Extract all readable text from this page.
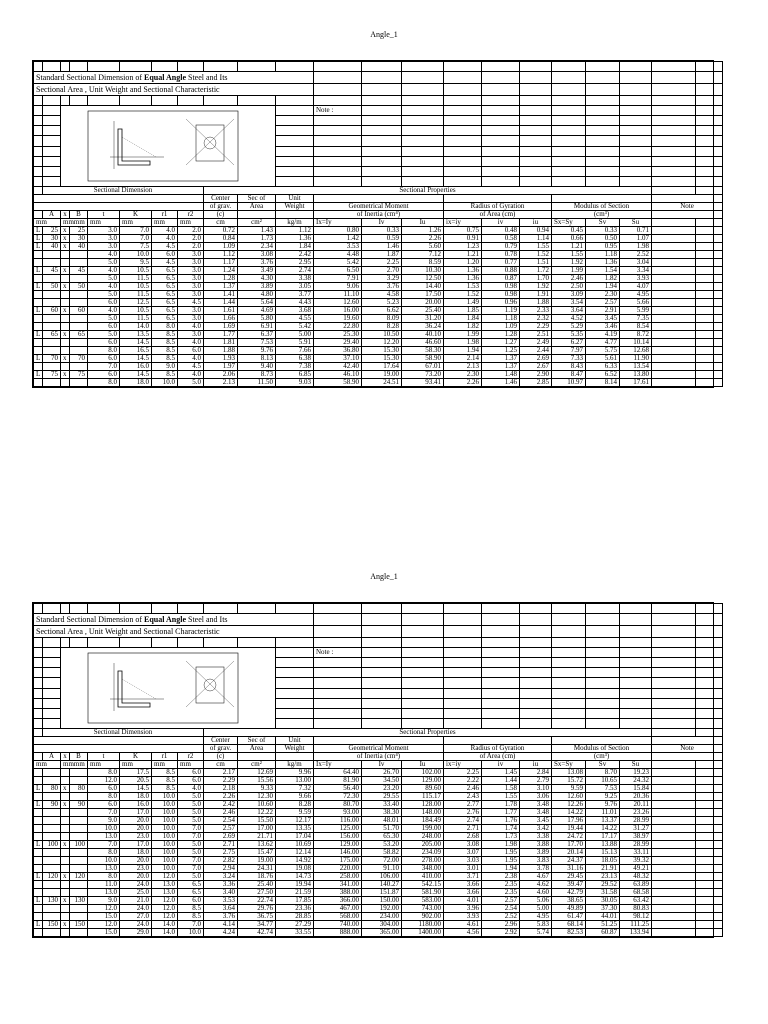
Angle_1

Standard Sectional Dimension of Equal Angle Steel and Its																					
Sectional Area , Unit Weight and Sectional Characteristic																					

		Note :										

	Sectional Dimension							Sectional Properties													
								Center	Sec of	Unit											
								of grav.	Area	Weight	Geometrical Moment			Radius of Gyration			Modulus of Section			Note	
	A	x	B	t	K	r1	r2	(c)			of Inertia (cm⁴)			of Area (cm)			(cm³)				
mm		mmmm		mm	mm	mm	mm	cm	cm²	kg/m	Ix=Iy	Iv	Iu	ix=iy	iv	iu	Sx=Sy	Sv	Su		
L	25	x	25	3.0	7.0	4.0	2.0	0.72	1.43	1.12	0.80	0.33	1.26	0.75	0.48	0.94	0.45	0.33	0.71		
L	30	x	30	3.0	7.0	4.0	2.0	0.84	1.73	1.36	1.42	0.59	2.26	0.91	0.58	1.14	0.66	0.50	1.07		
L	40	x	40	3.0	7.5	4.5	2.0	1.09	2.34	1.84	3.53	1.46	5.60	1.23	0.79	1.55	1.21	0.95	1.98		
				4.0	10.0	6.0	3.0	1.12	3.08	2.42	4.48	1.87	7.12	1.21	0.78	1.52	1.55	1.18	2.52		
				5.0	9.5	4.5	3.0	1.17	3.76	2.95	5.42	2.25	8.59	1.20	0.77	1.51	1.92	1.36	3.04		
L	45	x	45	4.0	10.5	6.5	3.0	1.24	3.49	2.74	6.50	2.70	10.30	1.36	0.88	1.72	1.99	1.54	3.34		
				5.0	11.5	6.5	3.0	1.28	4.30	3.38	7.91	3.29	12.50	1.36	0.87	1.70	2.46	1.82	3.93		
L	50	x	50	4.0	10.5	6.5	3.0	1.37	3.89	3.05	9.06	3.76	14.40	1.53	0.98	1.92	2.50	1.94	4.07		
				5.0	11.5	6.5	3.0	1.41	4.80	3.77	11.10	4.58	17.50	1.52	0.98	1.91	3.09	2.30	4.95		
				6.0	12.5	6.5	4.5	1.44	5.64	4.43	12.60	5.23	20.00	1.49	0.96	1.88	3.54	2.57	5.66		
L	60	x	60	4.0	10.5	6.5	3.0	1.61	4.69	3.68	16.00	6.62	25.40	1.85	1.19	2.33	3.64	2.91	5.99		
				5.0	11.5	6.5	3.0	1.66	5.80	4.55	19.60	8.09	31.20	1.84	1.18	2.32	4.52	3.45	7.35		
				6.0	14.0	8.0	4.0	1.69	6.91	5.42	22.80	8.28	36.24	1.82	1.09	2.29	5.29	3.46	8.54		
L	65	x	65	5.0	13.5	8.5	3.0	1.77	6.37	5.00	25.30	10.50	40.10	1.99	1.28	2.51	5.35	4.19	8.72		
				6.0	14.5	8.5	4.0	1.81	7.53	5.91	29.40	12.20	46.60	1.98	1.27	2.49	6.27	4.77	10.14		
				8.0	16.5	8.5	6.0	1.88	9.76	7.66	36.80	15.30	58.30	1.94	1.25	2.44	7.97	5.75	12.68		
L	70	x	70	6.0	14.5	8.5	4.0	1.93	8.13	6.38	37.10	15.30	58.90	2.14	1.37	2.69	7.33	5.61	11.90		
				7.0	16.0	9.0	4.5	1.97	9.40	7.38	42.40	17.64	67.01	2.13	1.37	2.67	8.43	6.33	13.54		
L	75	x	75	6.0	14.5	8.5	4.0	2.06	8.73	6.85	46.10	19.00	73.20	2.30	1.48	2.90	8.47	6.52	13.80		
				8.0	18.0	10.0	5.0	2.13	11.50	9.03	58.90	24.51	93.41	2.26	1.46	2.85	10.97	8.14	17.61		
Angle_1

Standard Sectional Dimension of Equal Angle Steel and Its																					
Sectional Area , Unit Weight and Sectional Characteristic																					

		Note :										

	Sectional Dimension							Sectional Properties													
								Center	Sec of	Unit											
								of grav.	Area	Weight	Geometrical Moment			Radius of Gyration			Modulus of Section			Note	
	A	x	B	t	K	r1	r2	(c)			of Inertia (cm⁴)			of Area (cm)			(cm³)				
mm		mmmm		mm	mm	mm	mm	cm	cm²	kg/m	Ix=Iy	Iv	Iu	ix=iy	iv	iu	Sx=Sy	Sv	Su		
				8.0	17.5	8.5	6.0	2.17	12.69	9.96	64.40	26.70	102.00	2.25	1.45	2.84	13.08	8.70	19.23		
				12.0	20.5	8.5	6.0	2.29	15.56	13.00	81.90	34.50	129.00	2.22	1.44	2.79	15.72	10.65	24.32		
L	80	x	80	6.0	14.5	8.5	4.0	2.18	9.33	7.32	56.40	23.20	89.60	2.46	1.58	3.10	9.59	7.53	15.84		
				8.0	18.0	10.0	5.0	2.26	12.30	9.66	72.30	29.55	115.17	2.43	1.55	3.06	12.60	9.25	20.36		
L	90	x	90	6.0	16.0	10.0	5.0	2.42	10.60	8.28	80.70	33.40	128.00	2.77	1.78	3.48	12.26	9.76	20.11		
				7.0	17.0	10.0	5.0	2.46	12.22	9.59	93.00	38.30	148.00	2.76	1.77	3.48	14.22	11.01	23.26		
				9.0	20.0	10.0	5.0	2.54	15.50	12.17	116.00	48.01	184.49	2.74	1.76	3.45	17.96	13.37	28.99		
				10.0	20.0	10.0	7.0	2.57	17.00	13.35	125.00	51.70	199.00	2.71	1.74	3.42	19.44	14.22	31.27		
				13.0	23.0	10.0	7.0	2.69	21.71	17.04	156.00	65.30	248.00	2.68	1.73	3.38	24.72	17.17	38.97		
L	100	x	100	7.0	17.0	10.0	5.0	2.71	13.62	10.69	129.00	53.20	205.00	3.08	1.98	3.88	17.70	13.88	28.99		
				8.0	18.0	10.0	5.0	2.75	15.47	12.14	146.00	58.82	234.09	3.07	1.95	3.89	20.14	15.13	33.11		
				10.0	20.0	10.0	7.0	2.82	19.00	14.92	175.00	72.00	278.00	3.03	1.95	3.83	24.37	18.05	39.32		
				13.0	23.0	10.0	7.0	2.94	24.31	19.08	220.00	91.10	348.00	3.01	1.94	3.78	31.16	21.91	49.21		
L	120	x	120	8.0	20.0	12.0	5.0	3.24	18.76	14.73	258.00	106.00	410.00	3.71	2.38	4.67	29.45	23.13	48.32		
				11.0	24.0	13.0	6.5	3.36	25.40	19.94	341.00	140.27	542.15	3.66	2.35	4.62	39.47	29.52	63.89		
				13.0	25.0	13.0	6.5	3.40	27.50	21.59	388.00	151.87	581.90	3.66	2.35	4.60	42.79	31.58	68.58		
L	130	x	130	9.0	21.0	12.0	6.0	3.53	22.74	17.85	366.00	150.00	583.00	4.01	2.57	5.06	38.65	30.05	63.42		
				12.0	24.0	12.0	8.5	3.64	29.76	23.36	467.00	192.00	743.00	3.96	2.54	5.00	49.89	37.30	80.83		
				15.0	27.0	12.0	8.5	3.76	36.75	28.85	568.00	234.00	902.00	3.93	2.52	4.95	61.47	44.01	98.12		
L	150	x	150	12.0	24.0	14.0	7.0	4.14	34.77	27.29	740.00	304.00	1180.00	4.61	2.96	5.83	68.14	51.25	111.25		
				15.0	29.0	14.0	10.0	4.24	42.74	33.55	888.00	365.00	1400.00	4.56	2.92	5.74	82.53	60.87	133.94		
